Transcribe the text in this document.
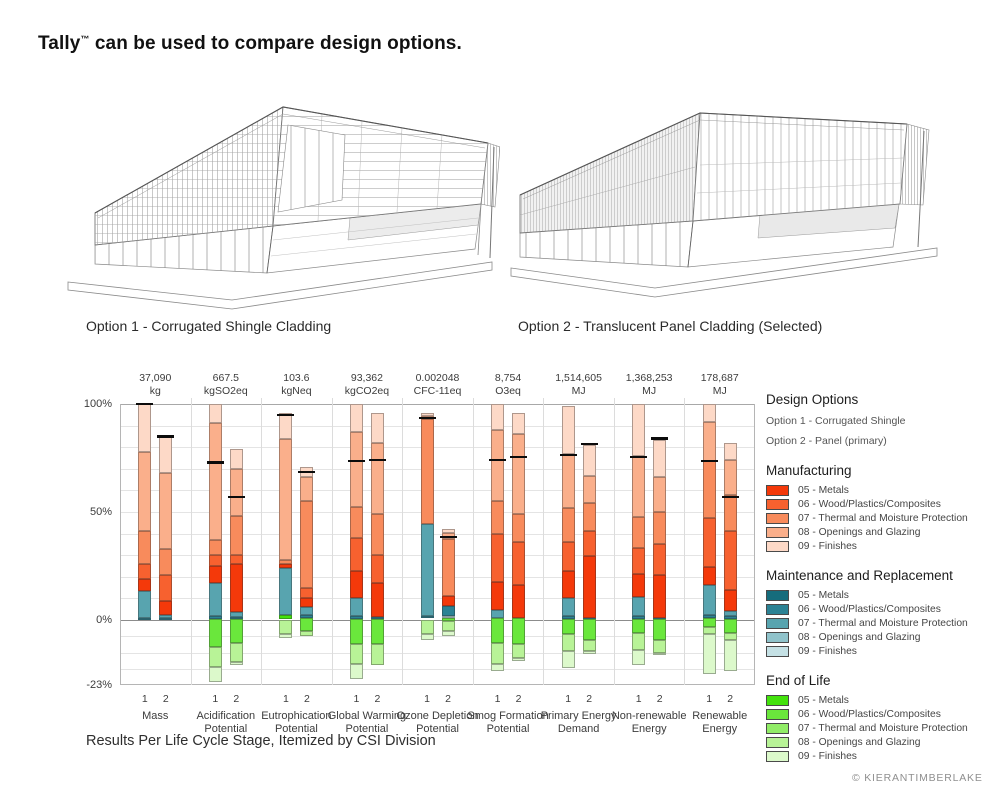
Tally™ can be used to compare design options.
Option 1 - Corrugated Shingle Cladding	Option 2 - Translucent Panel Cladding (Selected)
100%
50%
0%
-23%
37,090
kg
1	2
Mass
667.5
kgSO2eq
1	2
Acidification
Potential
103.6
kgNeq
1	2
Eutrophication
Potential
93,362
kgCO2eq
1	2
Global Warming
Potential
0.002048
CFC-11eq
1	2
Ozone Depletion
Potential
8,754
O3eq
1	2
Smog Formation
Potential
1,514,605
MJ
1	2
Primary Energy
Demand
1,368,253
MJ
1	2
Non-renewable
Energy
178,687
MJ
1	2
Renewable
Energy
Design Options
Option 1 - Corrugated Shingle
Option 2 - Panel (primary)
Manufacturing
05 - Metals
06 - Wood/Plastics/Composites
07 - Thermal and Moisture Protection
08 - Openings and Glazing
09 - Finishes
Maintenance and Replacement
05 - Metals
06 - Wood/Plastics/Composites
07 - Thermal and Moisture Protection
08 - Openings and Glazing
09 - Finishes
End of Life
05 - Metals
06 - Wood/Plastics/Composites
07 - Thermal and Moisture Protection
08 - Openings and Glazing
09 - Finishes
Results Per Life Cycle Stage, Itemized by CSI Division
© KIERANTIMBERLAKE
